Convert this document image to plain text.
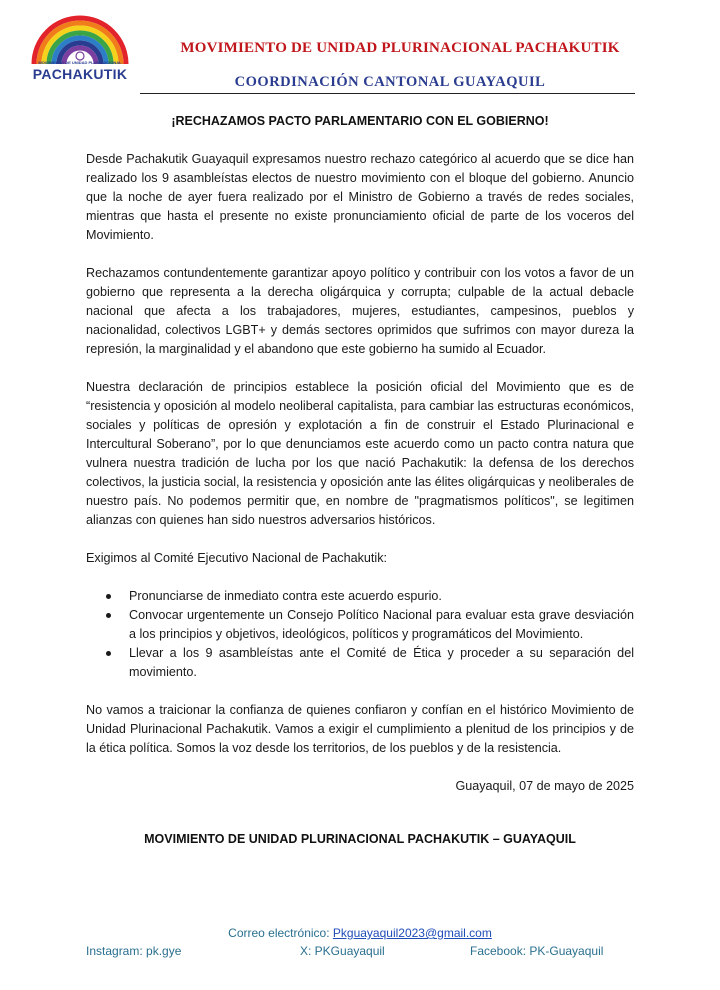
MOVIMIENTO DE UNIDAD PLURINACIONAL
PACHAKUTIK
MOVIMIENTO DE UNIDAD PLURINACIONAL PACHAKUTIK
COORDINACIÓN CANTONAL GUAYAQUIL
¡RECHAZAMOS PACTO PARLAMENTARIO CON EL GOBIERNO!

Desde Pachakutik Guayaquil expresamos nuestro rechazo categórico al acuerdo que se dice han realizado los 9 asambleístas electos de nuestro movimiento con el bloque del gobierno. Anuncio que la noche de ayer fuera realizado por el Ministro de Gobierno a través de redes sociales, mientras que hasta el presente no existe pronunciamiento oficial de parte de los voceros del Movimiento.

Rechazamos contundentemente garantizar apoyo político y contribuir con los votos a favor de un gobierno que representa a la derecha oligárquica y corrupta; culpable de la actual debacle nacional que afecta a los trabajadores, mujeres, estudiantes, campesinos, pueblos y nacionalidad, colectivos LGBT+ y demás sectores oprimidos que sufrimos con mayor dureza la represión, la marginalidad y el abandono que este gobierno ha sumido al Ecuador.

Nuestra declaración de principios establece la posición oficial del Movimiento que es de “resistencia y oposición al modelo neoliberal capitalista, para cambiar las estructuras económicos, sociales y políticas de opresión y explotación a fin de construir el Estado Plurinacional e Intercultural Soberano”, por lo que denunciamos este acuerdo como un pacto contra natura que vulnera nuestra tradición de lucha por los que nació Pachakutik: la defensa de los derechos colectivos, la justicia social, la resistencia y oposición ante las élites oligárquicas y neoliberales de nuestro país. No podemos permitir que, en nombre de "pragmatismos políticos", se legitimen alianzas con quienes han sido nuestros adversarios históricos.

Exigimos al Comité Ejecutivo Nacional de Pachakutik:

Pronunciarse de inmediato contra este acuerdo espurio.
Convocar urgentemente un Consejo Político Nacional para evaluar esta grave desviación a los principios y objetivos, ideológicos, políticos y programáticos del Movimiento.
Llevar a los 9 asambleístas ante el Comité de Ética y proceder a su separación del movimiento.

No vamos a traicionar la confianza de quienes confiaron y confían en el histórico Movimiento de Unidad Plurinacional Pachakutik. Vamos a exigir el cumplimiento a plenitud de los principios y de la ética política. Somos la voz desde los territorios, de los pueblos y de la resistencia.

Guayaquil, 07 de mayo de 2025

MOVIMIENTO DE UNIDAD PLURINACIONAL PACHAKUTIK – GUAYAQUIL
Correo electrónico: Pkguayaquil2023@gmail.com
Instagram: pk.gye	X: PKGuayaquil	Facebook: PK-Guayaquil
